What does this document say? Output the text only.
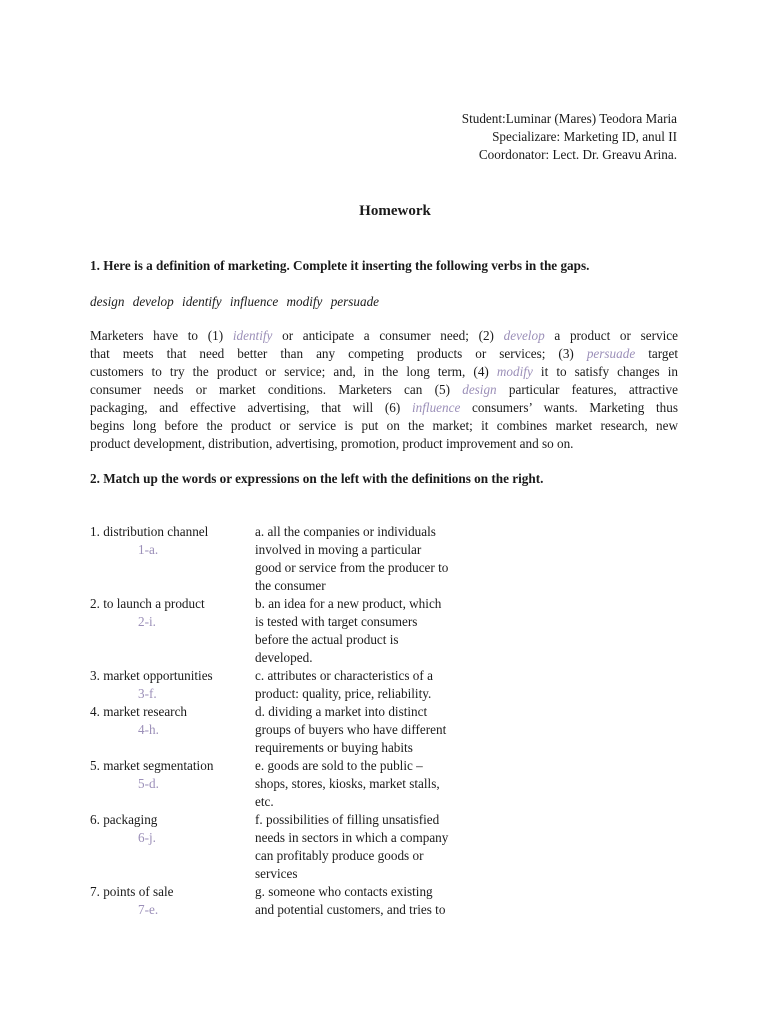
Student:Luminar (Mares) Teodora Maria
Specializare: Marketing ID, anul II
Coordonator: Lect. Dr. Greavu Arina.
Homework
1. Here is a definition of marketing. Complete it inserting the following verbs in the gaps.
design develop identify influence modify persuade
Marketers have to (1) identify or anticipate a consumer need; (2) develop a product or service
that meets that need better than any competing products or services; (3) persuade target
customers to try the product or service; and, in the long term, (4) modify it to satisfy changes in
consumer needs or market conditions. Marketers can (5) design particular features, attractive
packaging, and effective advertising, that will (6) influence consumers’ wants. Marketing thus
begins long before the product or service is put on the market; it combines market research, new
product development, distribution, advertising, promotion, product improvement and so on.
2. Match up the words or expressions on the left with the definitions on the right.
1. distribution channel
1-a.
a. all the companies or individuals
involved in moving a particular
good or service from the producer to
the consumer
2. to launch a product
2-i.
b. an idea for a new product, which
is tested with target consumers
before the actual product is
developed.
3. market opportunities
3-f.
c. attributes or characteristics of a
product: quality, price, reliability.
4. market research
4-h.
d. dividing a market into distinct
groups of buyers who have different
requirements or buying habits
5. market segmentation
5-d.
e. goods are sold to the public –
shops, stores, kiosks, market stalls,
etc.
6. packaging
6-j.
f. possibilities of filling unsatisfied
needs in sectors in which a company
can profitably produce goods or
services
7. points of sale
7-e.
g. someone who contacts existing
and potential customers, and tries to
